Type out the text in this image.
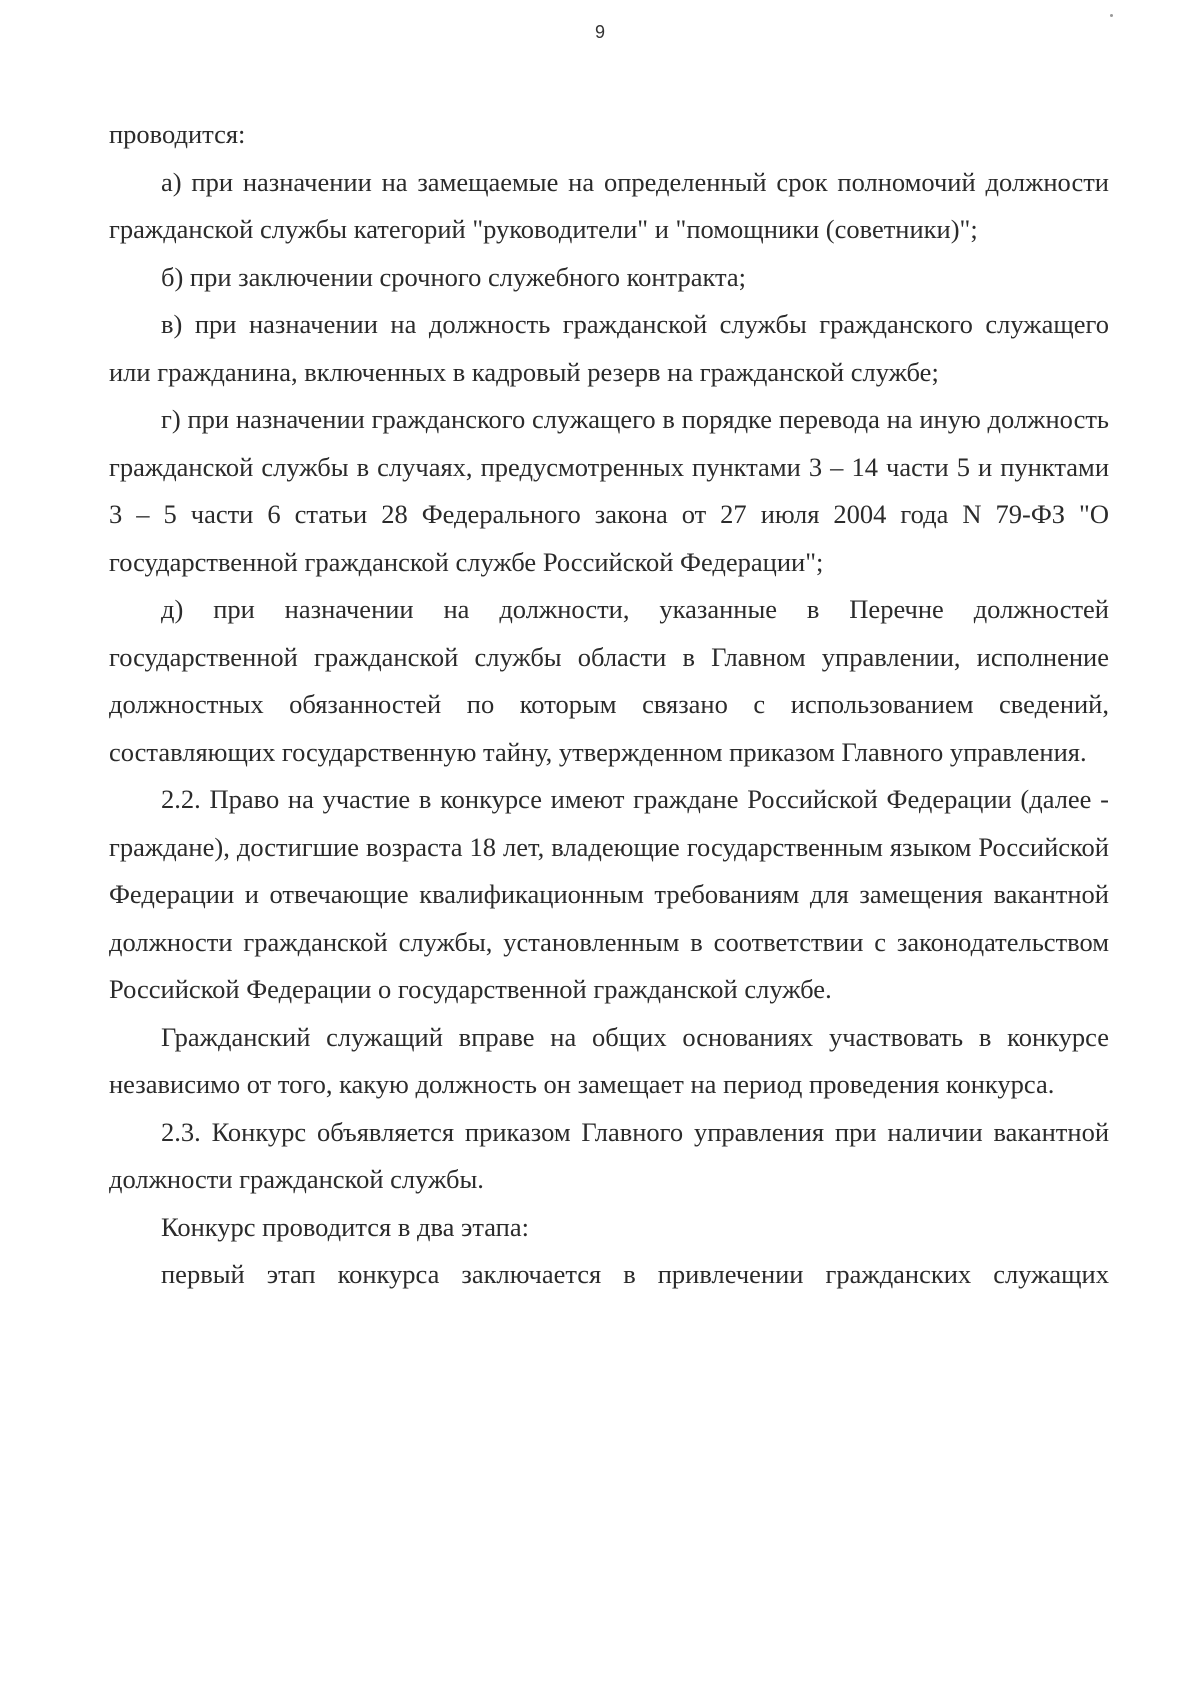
9

проводится:

а) при назначении на замещаемые на определенный срок полномочий должности гражданской службы категорий "руководители" и "помощники (советники)";

б) при заключении срочного служебного контракта;

в) при назначении на должность гражданской службы гражданского служащего или гражданина, включенных в кадровый резерв на гражданской службе;

г) при назначении гражданского служащего в порядке перевода на иную должность гражданской службы в случаях, предусмотренных пунктами 3 – 14 части 5 и пунктами 3 – 5 части 6 статьи 28 Федерального закона от 27 июля 2004 года N 79-ФЗ "О государственной гражданской службе Российской Федерации";

д) при назначении на должности, указанные в Перечне должностей государственной гражданской службы области в Главном управлении, исполнение должностных обязанностей по которым связано с использованием сведений, составляющих государственную тайну, утвержденном приказом Главного управления.

2.2. Право на участие в конкурсе имеют граждане Российской Федерации (далее - граждане), достигшие возраста 18 лет, владеющие государственным языком Российской Федерации и отвечающие квалификационным требованиям для замещения вакантной должности гражданской службы, установленным в соответствии с законодательством Российской Федерации о государственной гражданской службе.

Гражданский служащий вправе на общих основаниях участвовать в конкурсе независимо от того, какую должность он замещает на период проведения конкурса.

2.3. Конкурс объявляется приказом Главного управления при наличии вакантной должности гражданской службы.

Конкурс проводится в два этапа:

первый этап конкурса заключается в привлечении гражданских служащих
